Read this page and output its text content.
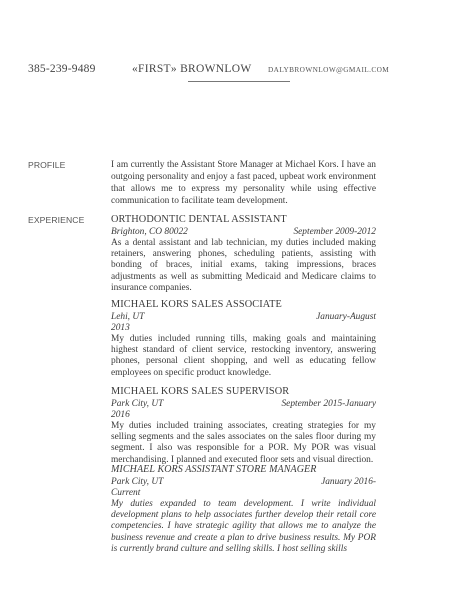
385-239-9489	«FIRST» BROWNLOW DALYBROWNLOW@GMAIL.COM
PROFILE	I am currently the Assistant Store Manager at Michael Kors. I have an outgoing personality and enjoy a fast paced, upbeat work environment that allows me to express my personality while using effective communication to facilitate team development.
EXPERIENCE	ORTHODONTIC DENTAL ASSISTANT
Brighton, CO 80022	September 2009-2012
As a dental assistant and lab technician, my duties included making retainers, answering phones, scheduling patients, assisting with bonding of braces, initial exams, taking impressions, braces adjustments as well as submitting Medicaid and Medicare claims to insurance companies.
MICHAEL KORS SALES ASSOCIATE
Lehi, UT	January-August
2013
My duties included running tills, making goals and maintaining highest standard of client service, restocking inventory, answering phones, personal client shopping, and well as educating fellow employees on specific product knowledge.
MICHAEL KORS SALES SUPERVISOR
Park City, UT	September 2015-January
2016
My duties included training associates, creating strategies for my selling segments and the sales associates on the sales floor during my segment. I also was responsible for a POR. My POR was visual merchandising. I planned and executed floor sets and visual direction.
MICHAEL KORS ASSISTANT STORE MANAGER
Park City, UT	January 2016-
Current
My duties expanded to team development. I write individual development plans to help associates further develop their retail core competencies. I have strategic agility that allows me to analyze the business revenue and create a plan to drive business results. My POR is currently brand culture and selling skills. I host selling skills
